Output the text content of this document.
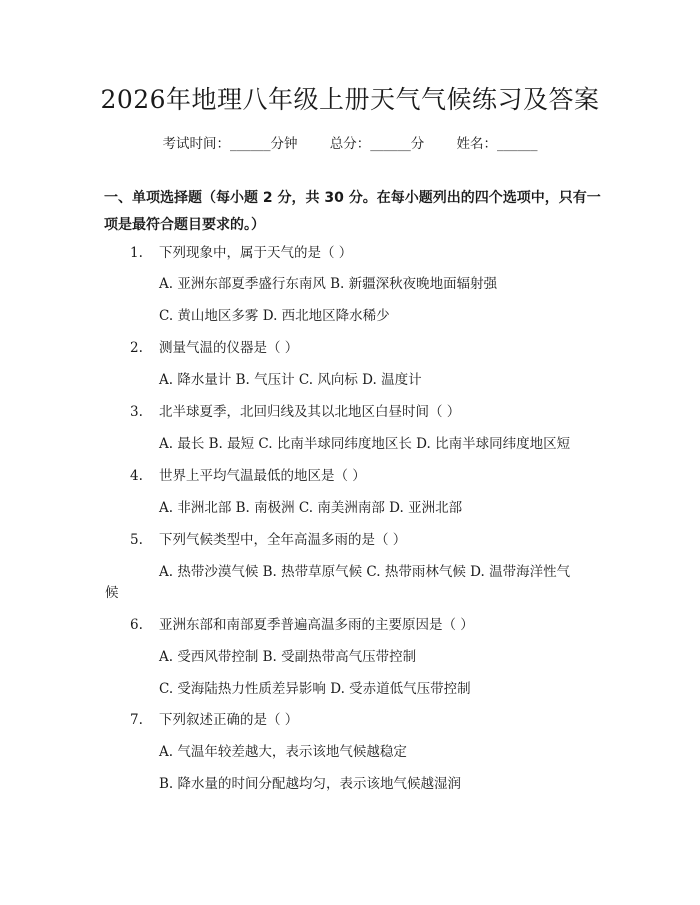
2026年地理八年级上册天气气候练习及答案
考试时间：______分钟 总分：______分 姓名：______
一、单项选择题（每小题 2 分，共 30 分。在每小题列出的四个选项中，只有一项是最符合题目要求的。）
1. 下列现象中，属于天气的是（ ）
A. 亚洲东部夏季盛行东南风 B. 新疆深秋夜晚地面辐射强
C. 黄山地区多雾 D. 西北地区降水稀少
2. 测量气温的仪器是（ ）
A. 降水量计 B. 气压计 C. 风向标 D. 温度计
3. 北半球夏季，北回归线及其以北地区白昼时间（ ）
A. 最长 B. 最短 C. 比南半球同纬度地区长 D. 比南半球同纬度地区短
4. 世界上平均气温最低的地区是（ ）
A. 非洲北部 B. 南极洲 C. 南美洲南部 D. 亚洲北部
5. 下列气候类型中，全年高温多雨的是（ ）
A. 热带沙漠气候 B. 热带草原气候 C. 热带雨林气候 D. 温带海洋性气
候
6. 亚洲东部和南部夏季普遍高温多雨的主要原因是（ ）
A. 受西风带控制 B. 受副热带高气压带控制
C. 受海陆热力性质差异影响 D. 受赤道低气压带控制
7. 下列叙述正确的是（ ）
A. 气温年较差越大，表示该地气候越稳定
B. 降水量的时间分配越均匀，表示该地气候越湿润
